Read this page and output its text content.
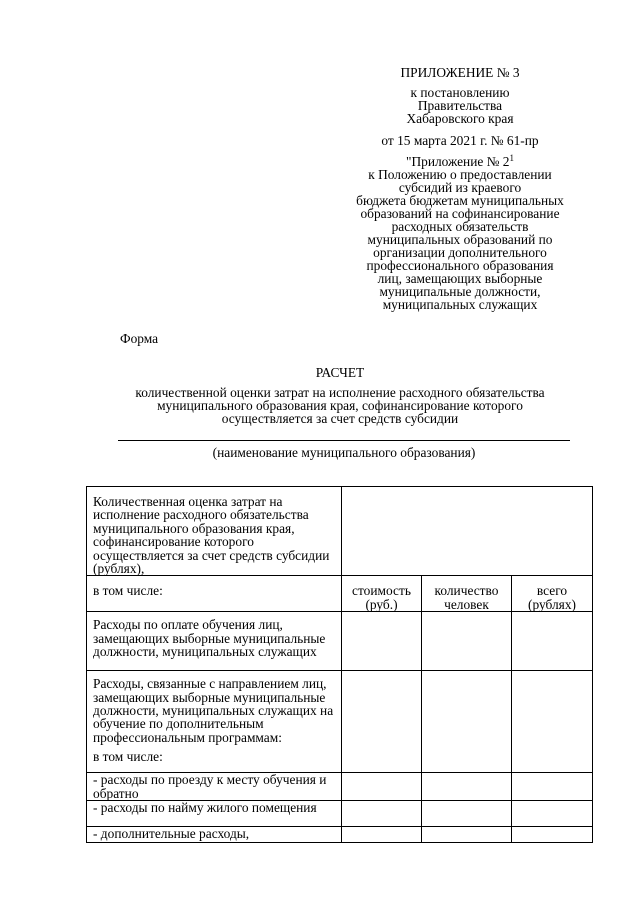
ПРИЛОЖЕНИЕ № 3
к постановлению
Правительства
Хабаровского края
от 15 марта 2021 г. № 61-пр
"Приложение № $2^1$
к Положению о предоставлении
субсидий из краевого
бюджета бюджетам муниципальных
образований на софинансирование
расходных обязательств
муниципальных образований по
организации дополнительного
профессионального образования
лиц, замещающих выборные
муниципальные должности,
муниципальных служащих
Форма
РАСЧЕТ
количественной оценки затрат на исполнение расходного обязательства
муниципального образования края, софинансирование которого
осуществляется за счет средств субсидии
(наименование муниципального образования)
Количественная оценка затрат на исполнение расходного обязательства муниципального образования края, софинансирование которого осуществляется за счет средств субсидии (рублях),			
в том числе:	стоимость (руб.)	количество человек	всего (рублях)
Расходы по оплате обучения лиц, замещающих выборные муниципальные должности, муниципальных служащих			

Расходы, связанные с направлением лиц, замещающих выборные муниципальные должности, муниципальных служащих на обучение по дополнительным профессиональным программам:
в том числе:			

- расходы по проезду к месту обучения и обратно			
- расходы по найму жилого помещения			
- дополнительные расходы,			
